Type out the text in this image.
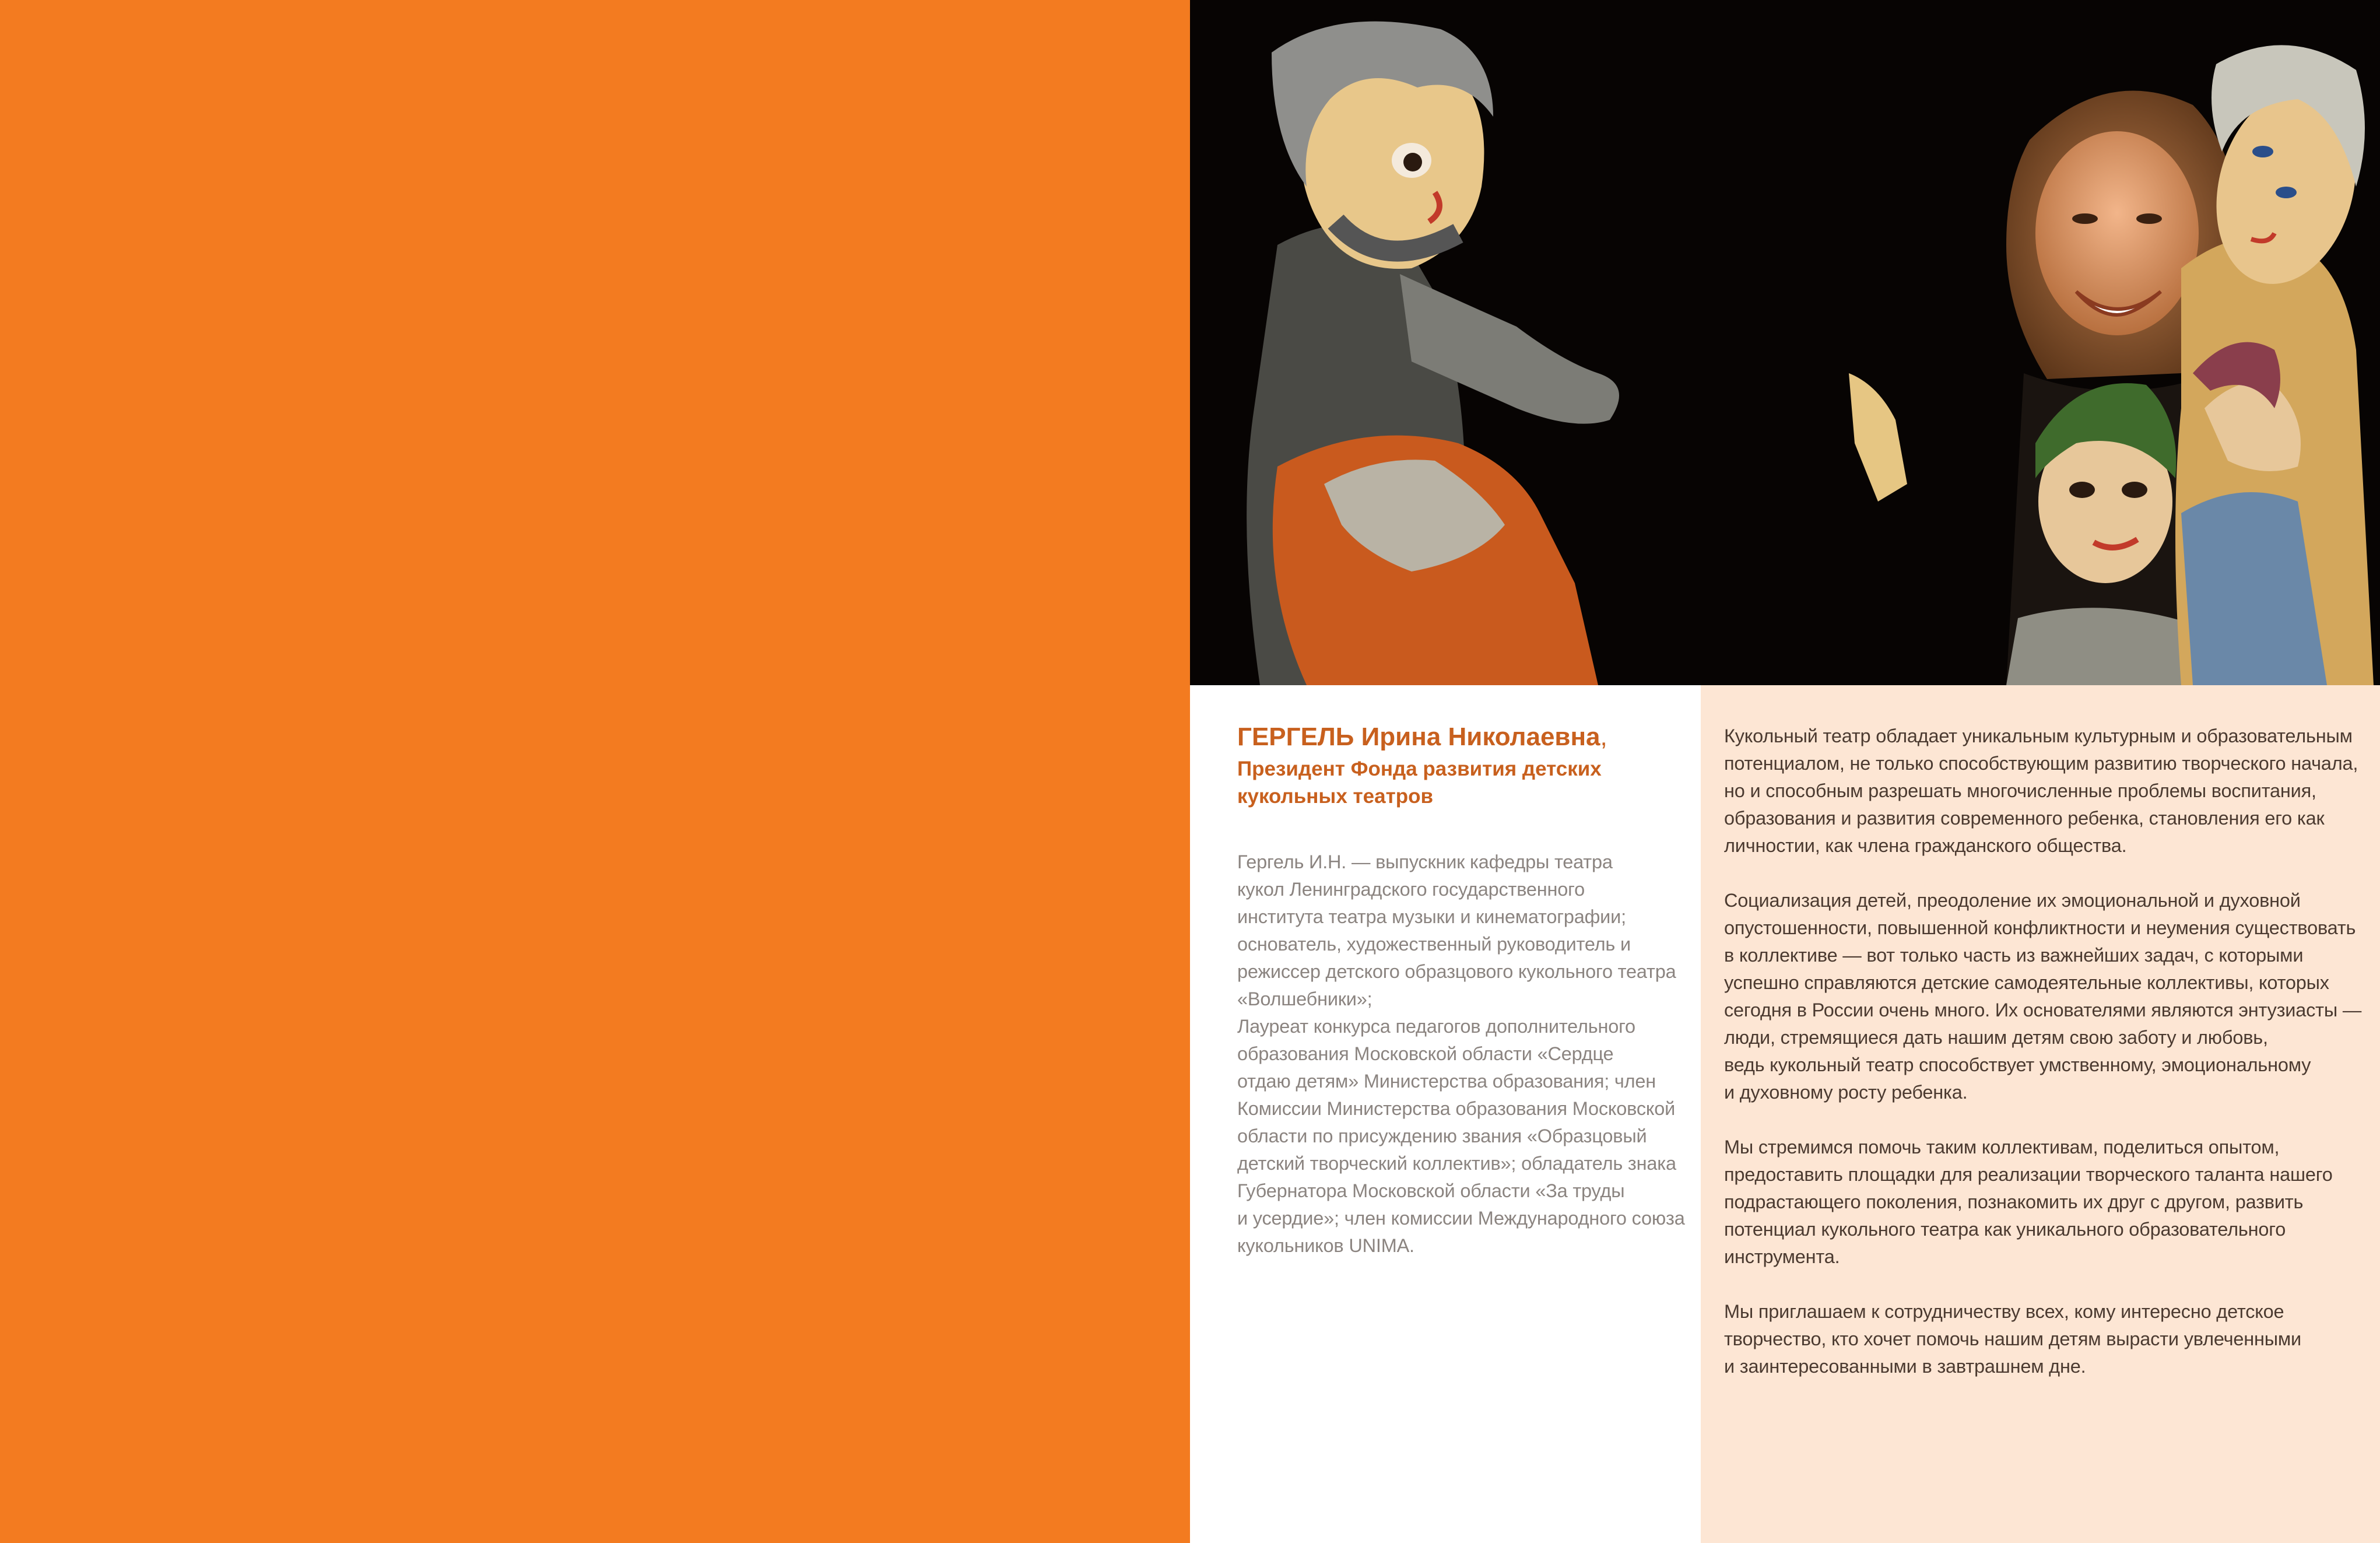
ГЕРГЕЛЬ Ирина Николаевна,
Президент Фонда развития детских кукольных театров
Гергель И.Н. — выпускник кафедры театра
кукол Ленинградского государственного
института театра музыки и кинематографии;
основатель, художественный руководитель и
режиссер детского образцового кукольного театра
«Волшебники»;
Лауреат конкурса педагогов дополнительного
образования Московской области «Сердце
отдаю детям» Министерства образования; член
Комиссии Министерства образования Московской
области по присуждению звания «Образцовый
детский творческий коллектив»; обладатель знака
Губернатора Московской области «За труды
и усердие»; член комиссии Международного союза
кукольников UNIMA.

Кукольный театр обладает уникальным культурным и образовательным
потенциалом, не только способствующим развитию творческого начала,
но и способным разрешать многочисленные проблемы воспитания,
образования и развития современного ребенка, становления его как
личностии, как члена гражданского общества.

Социализация детей, преодоление их эмоциональной и духовной
опустошенности, повышенной конфликтности и неумения существовать
в коллективе — вот только часть из важнейших задач, с которыми
успешно справляются детские самодеятельные коллективы, которых
сегодня в России очень много. Их основателями являются энтузиасты —
люди, стремящиеся дать нашим детям свою заботу и любовь,
ведь кукольный театр способствует умственному, эмоциональному
и духовному росту ребенка.

Мы стремимся помочь таким коллективам, поделиться опытом,
предоставить площадки для реализации творческого таланта нашего
подрастающего поколения, познакомить их друг с другом, развить
потенциал кукольного театра как уникального образовательного
инструмента.

Мы приглашаем к сотрудничеству всех, кому интересно детское
творчество, кто хочет помочь нашим детям вырасти увлеченными
и заинтересованными в завтрашнем дне.
